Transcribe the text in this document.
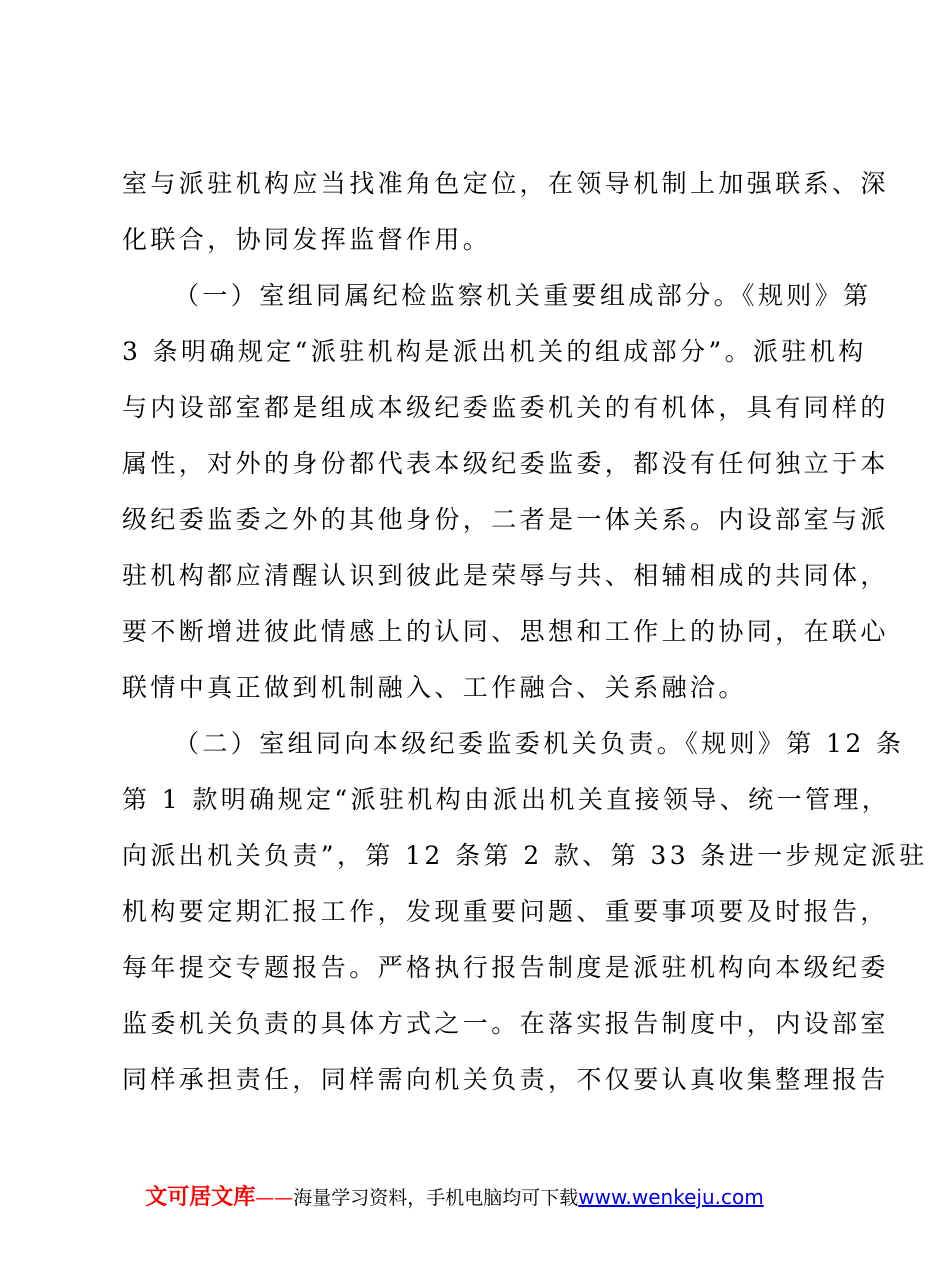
室与派驻机构应当找准角色定位，在领导机制上加强联系、深
化联合，协同发挥监督作用。
（一）室组同属纪检监察机关重要组成部分。《规则》第
3 条明确规定“派驻机构是派出机关的组成部分”。派驻机构
与内设部室都是组成本级纪委监委机关的有机体，具有同样的
属性，对外的身份都代表本级纪委监委，都没有任何独立于本
级纪委监委之外的其他身份，二者是一体关系。内设部室与派
驻机构都应清醒认识到彼此是荣辱与共、相辅相成的共同体，
要不断增进彼此情感上的认同、思想和工作上的协同，在联心
联情中真正做到机制融入、工作融合、关系融洽。
（二）室组同向本级纪委监委机关负责。《规则》第 12 条
第 1 款明确规定“派驻机构由派出机关直接领导、统一管理，
向派出机关负责”，第 12 条第 2 款、第 33 条进一步规定派驻
机构要定期汇报工作，发现重要问题、重要事项要及时报告，
每年提交专题报告。严格执行报告制度是派驻机构向本级纪委
监委机关负责的具体方式之一。在落实报告制度中，内设部室
同样承担责任，同样需向机关负责，不仅要认真收集整理报告
文可居文库——海量学习资料，手机电脑均可下载www.wenkeju.com
